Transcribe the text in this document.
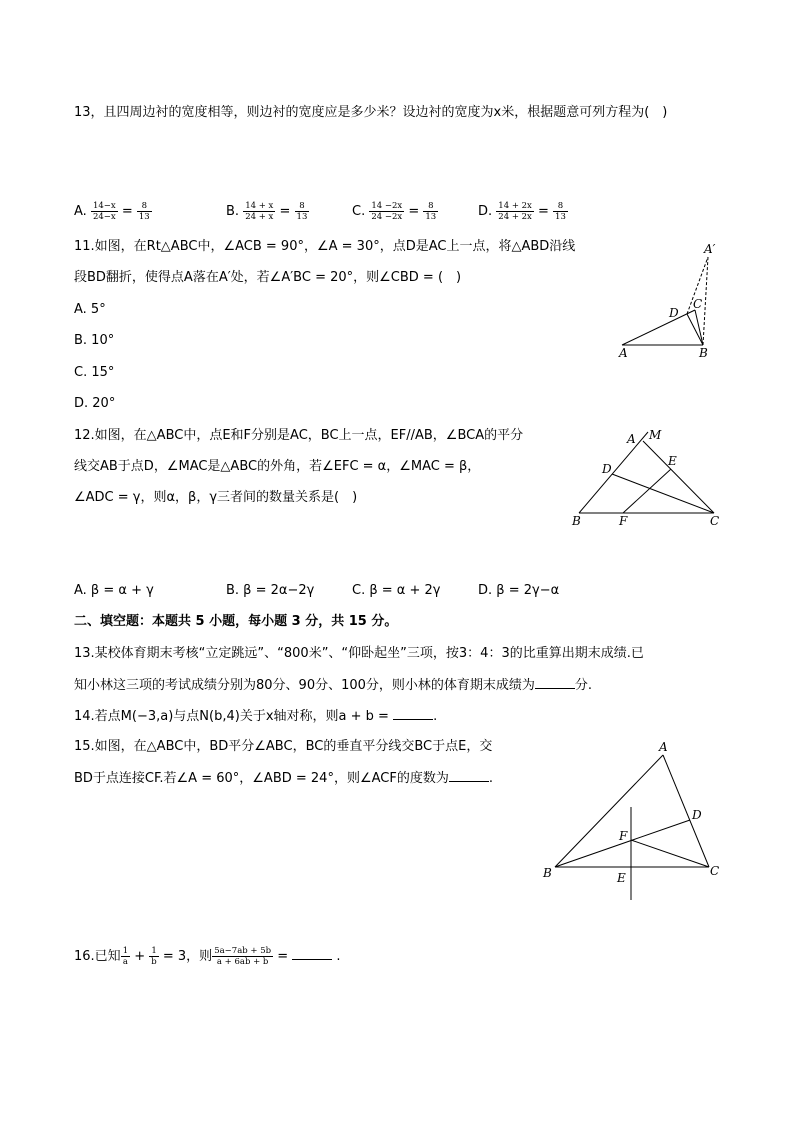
13，且四周边衬的宽度相等，则边衬的宽度应是多少米？设边衬的宽度为x米，根据题意可列方程为(　)
A. $\frac{14-x}{24-x} = \frac{8}{13}$	B. $\frac{14 + x}{24 + x} = \frac{8}{13}$	C. $\frac{14 -2x}{24 -2x} = \frac{8}{13}$	D. $\frac{14 + 2x}{24 + 2x} = \frac{8}{13}$
11.如图，在Rt△ABC中，∠ACB = 90°，∠A = 30°，点D是AC上一点，将△ABD沿线
段BD翻折，使得点A落在A′处，若∠A′BC = 20°，则∠CBD = (　)
A. 5°
B. 10°
C. 15°
D. 20°
A	B
C
D
A′
12.如图，在△ABC中，点E和F分别是AC，BC上一点，EF//AB，∠BCA的平分
线交AB于点D，∠MAC是△ABC的外角，若∠EFC = α，∠MAC = β，
∠ADC = γ，则α，β，γ三者间的数量关系是(　)
A M
D
E
B	F	C
A. β = α + γ	B. β = 2α−2γ	C. β = α + 2γ	D. β = 2γ−α
二、填空题：本题共 5 小题，每小题 3 分，共 15 分。
13.某校体育期末考核“立定跳远”、“800米”、“仰卧起坐”三项，按3：4：3的比重算出期末成绩.已
知小林这三项的考试成绩分别为80分、90分、100分，则小林的体育期末成绩为	分.
14.若点M(−3,a)与点N(b,4)关于x轴对称，则a + b =	.
15.如图，在△ABC中，BD平分∠ABC，BC的垂直平分线交BC于点E，交
BD于点连接CF.若∠A = 60°，∠ABD = 24°，则∠ACF的度数为	.
A
B	C
D
E
F
16.已知 $\frac{1}{a} + \frac{1}{b} = 3$，则 $\frac{5a-7ab + 5b}{a + 6ab + b}$ =	.
